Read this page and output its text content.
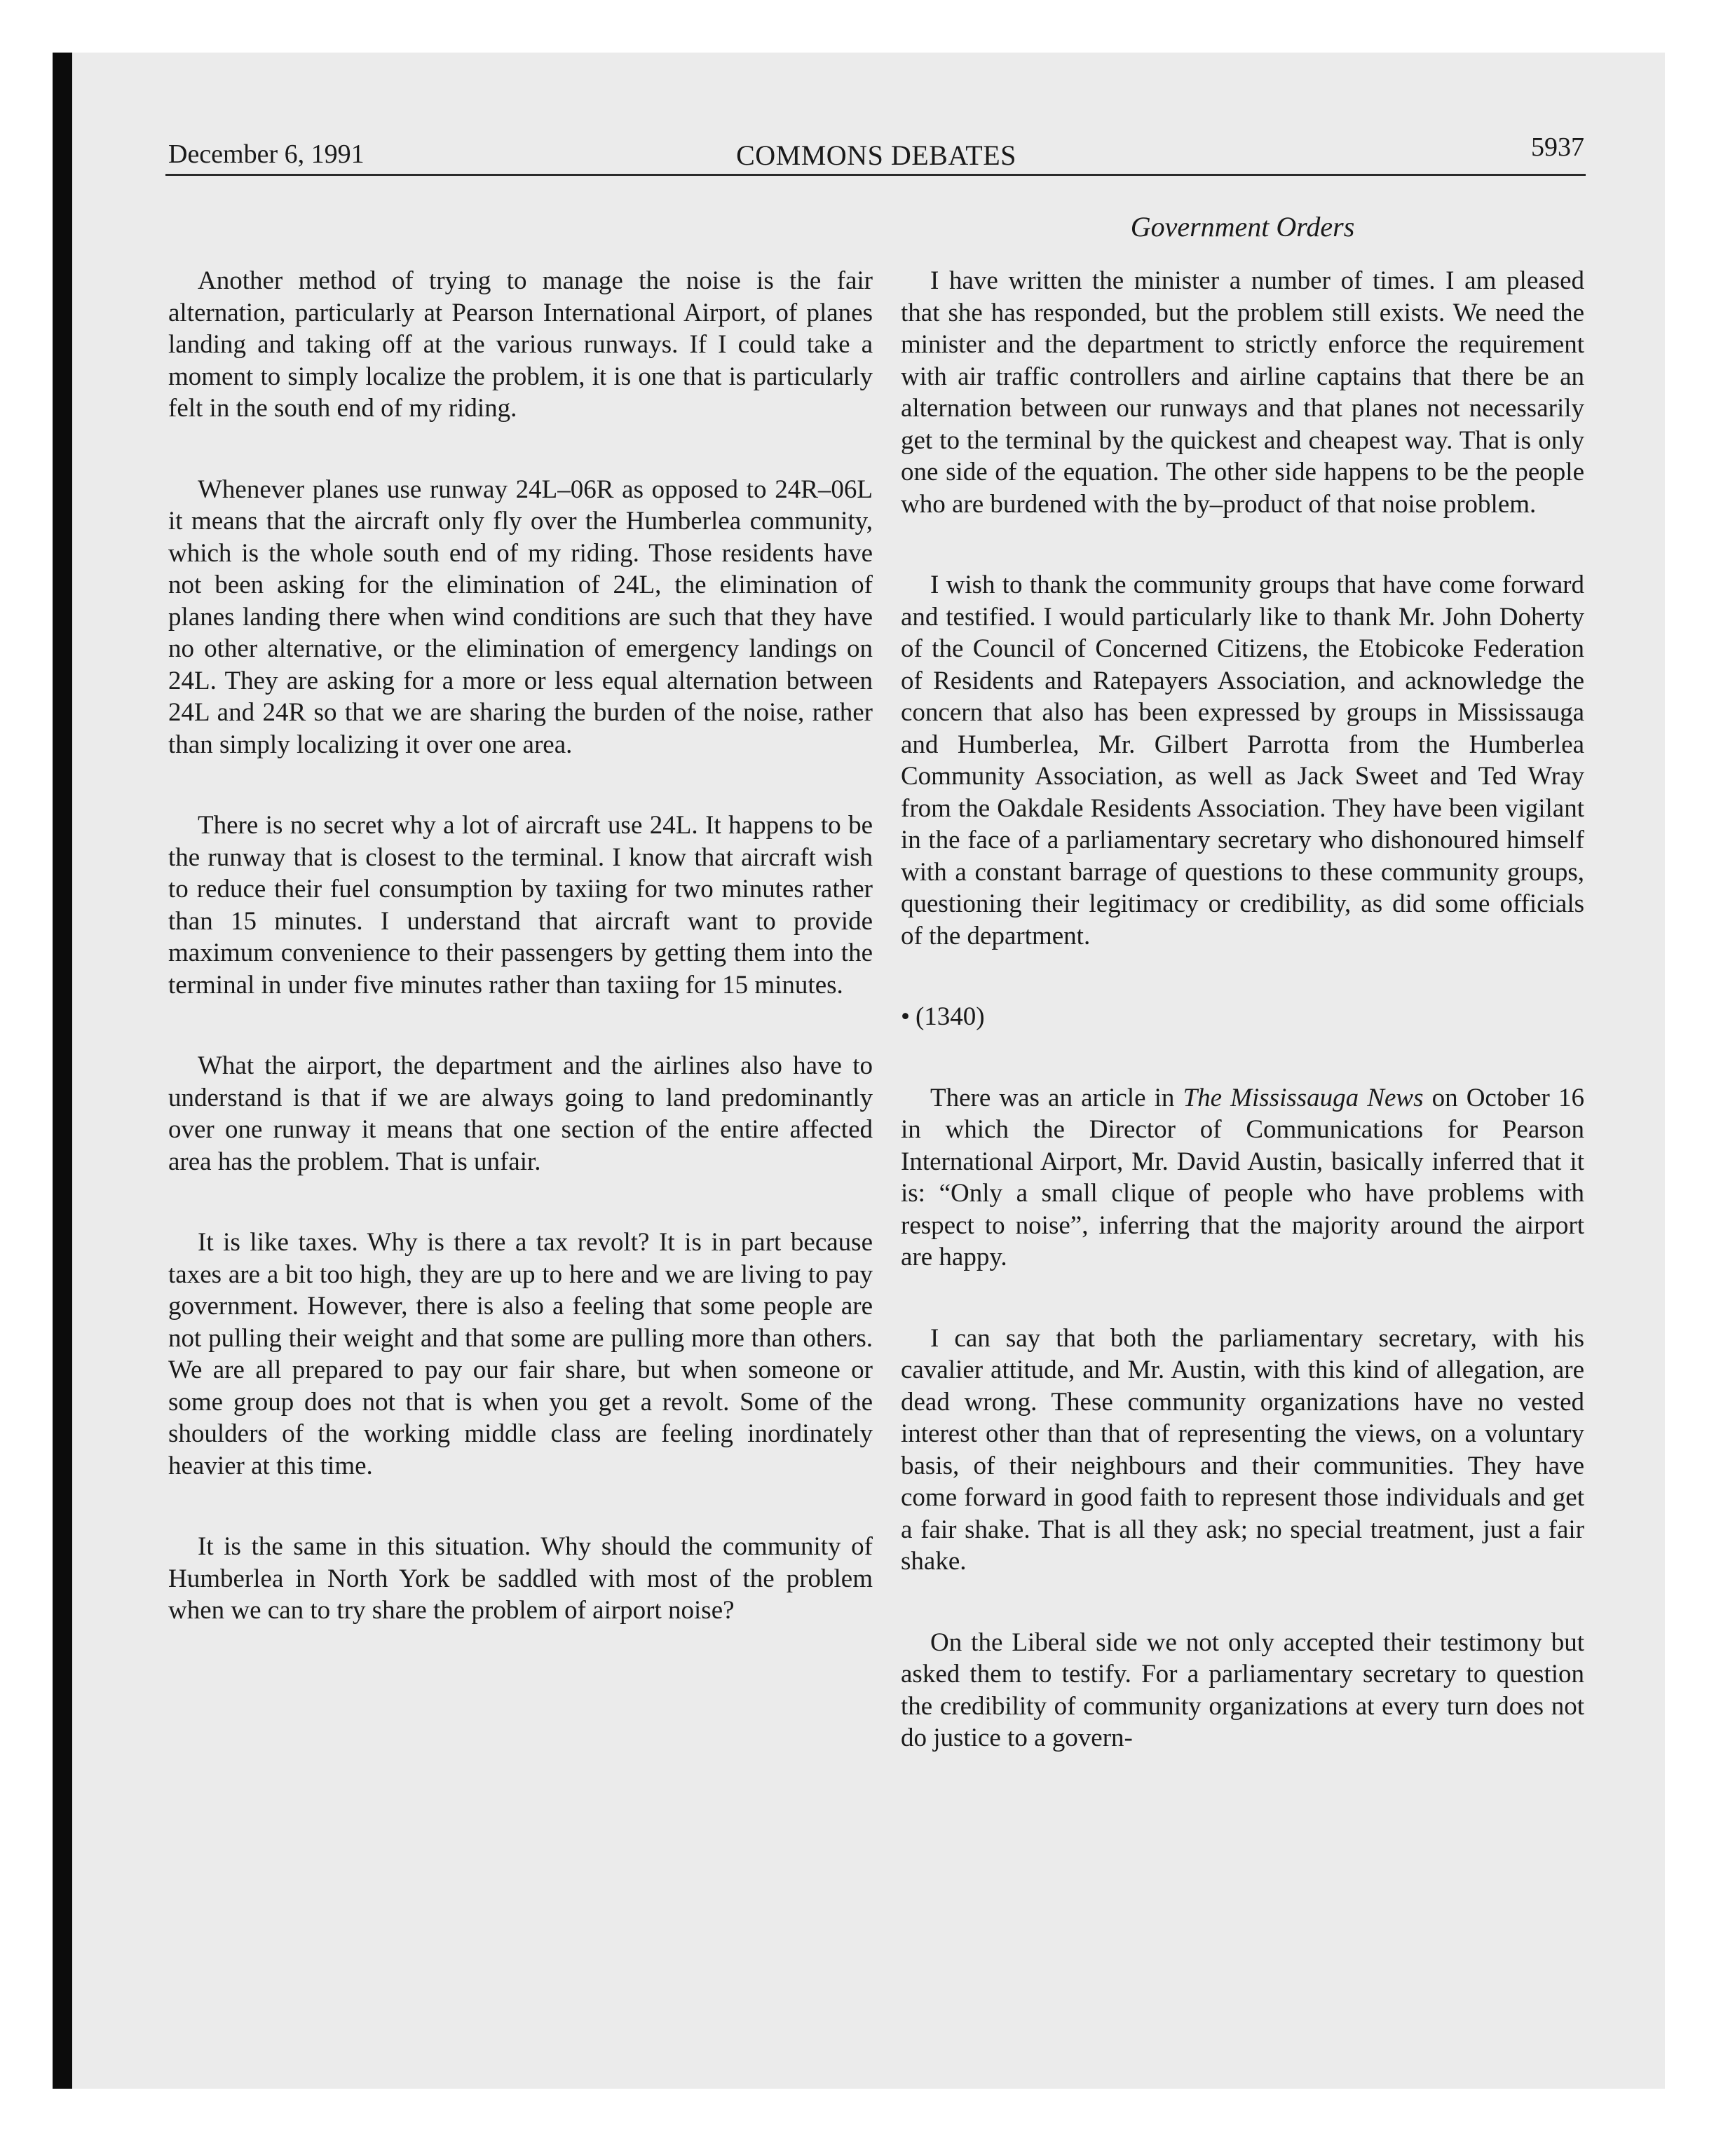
December 6, 1991	COMMONS DEBATES	5937
Government Orders

Another method of trying to manage the noise is the fair alternation, particularly at Pearson International Airport, of planes landing and taking off at the various runways. If I could take a moment to simply localize the problem, it is one that is particularly felt in the south end of my riding.

Whenever planes use runway 24L–06R as opposed to 24R–06L it means that the aircraft only fly over the Humberlea community, which is the whole south end of my riding. Those residents have not been asking for the elimination of 24L, the elimination of planes landing there when wind conditions are such that they have no other alternative, or the elimination of emergency landings on 24L. They are asking for a more or less equal alternation between 24L and 24R so that we are sharing the burden of the noise, rather than simply localizing it over one area.

There is no secret why a lot of aircraft use 24L. It happens to be the runway that is closest to the terminal. I know that aircraft wish to reduce their fuel consumption by taxiing for two minutes rather than 15 minutes. I understand that aircraft want to provide maximum convenience to their passengers by getting them into the terminal in under five minutes rather than taxiing for 15 minutes.

What the airport, the department and the airlines also have to understand is that if we are always going to land predominantly over one runway it means that one section of the entire affected area has the problem. That is unfair.

It is like taxes. Why is there a tax revolt? It is in part because taxes are a bit too high, they are up to here and we are living to pay government. However, there is also a feeling that some people are not pulling their weight and that some are pulling more than others. We are all prepared to pay our fair share, but when someone or some group does not that is when you get a revolt. Some of the shoulders of the working middle class are feeling inordinately heavier at this time.

It is the same in this situation. Why should the community of Humberlea in North York be saddled with most of the problem when we can to try share the problem of airport noise?

I have written the minister a number of times. I am pleased that she has responded, but the problem still exists. We need the minister and the department to strictly enforce the requirement with air traffic controllers and airline captains that there be an alternation between our runways and that planes not necessarily get to the terminal by the quickest and cheapest way. That is only one side of the equation. The other side happens to be the people who are burdened with the by–product of that noise problem.

I wish to thank the community groups that have come forward and testified. I would particularly like to thank Mr. John Doherty of the Council of Concerned Citizens, the Etobicoke Federation of Residents and Ratepayers Association, and acknowledge the concern that also has been expressed by groups in Mississauga and Humberlea, Mr. Gilbert Parrotta from the Humberlea Community Association, as well as Jack Sweet and Ted Wray from the Oakdale Residents Association. They have been vigilant in the face of a parliamentary secretary who dishonoured himself with a constant barrage of questions to these community groups, questioning their legitimacy or credibility, as did some officials of the department.

• (1340)

There was an article in The Mississauga News on October 16 in which the Director of Communications for Pearson International Airport, Mr. David Austin, basically inferred that it is: “Only a small clique of people who have problems with respect to noise”, inferring that the majority around the airport are happy.

I can say that both the parliamentary secretary, with his cavalier attitude, and Mr. Austin, with this kind of allegation, are dead wrong. These community organizations have no vested interest other than that of representing the views, on a voluntary basis, of their neighbours and their communities. They have come forward in good faith to represent those individuals and get a fair shake. That is all they ask; no special treatment, just a fair shake.

On the Liberal side we not only accepted their testimony but asked them to testify. For a parliamentary secretary to question the credibility of community organizations at every turn does not do justice to a govern-
